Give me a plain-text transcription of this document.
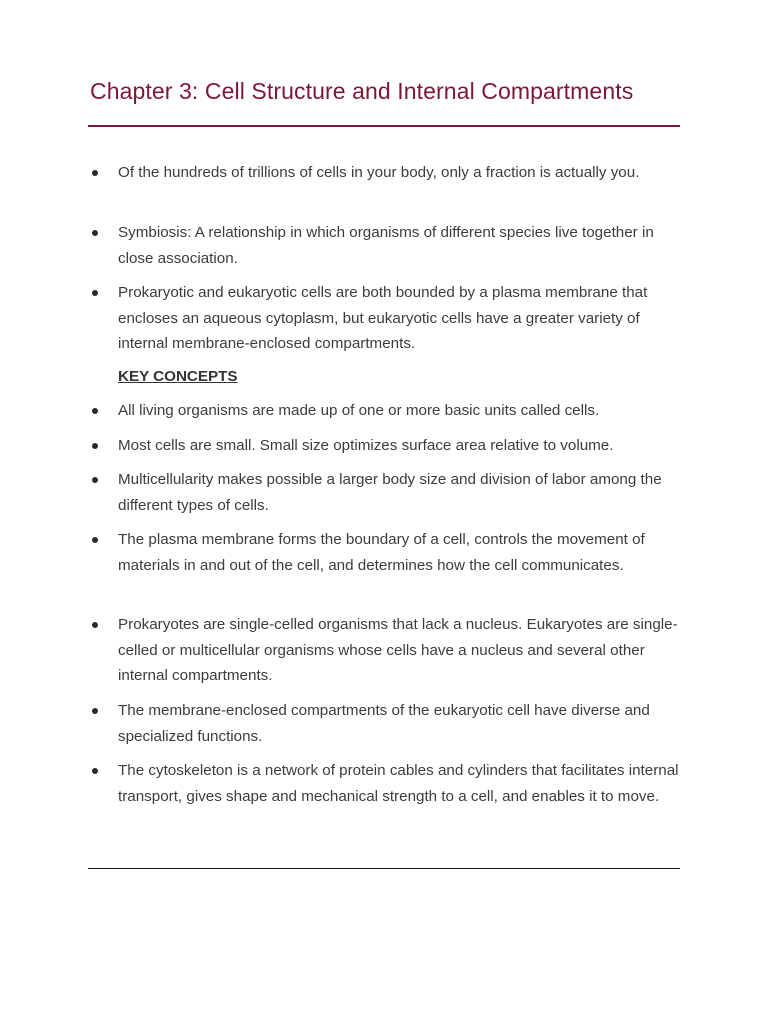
Chapter 3: Cell Structure and Internal Compartments
Of the hundreds of trillions of cells in your body, only a fraction is actually you.
Symbiosis: A relationship in which organisms of different species live together in close association.
Prokaryotic and eukaryotic cells are both bounded by a plasma membrane that encloses an aqueous cytoplasm, but eukaryotic cells have a greater variety of internal membrane-enclosed compartments.
KEY CONCEPTS
All living organisms are made up of one or more basic units called cells.
Most cells are small. Small size optimizes surface area relative to volume.
Multicellularity makes possible a larger body size and division of labor among the different types of cells.
The plasma membrane forms the boundary of a cell, controls the movement of materials in and out of the cell, and determines how the cell communicates.
Prokaryotes are single-celled organisms that lack a nucleus. Eukaryotes are single-celled or multicellular organisms whose cells have a nucleus and several other internal compartments.
The membrane-enclosed compartments of the eukaryotic cell have diverse and specialized functions.
The cytoskeleton is a network of protein cables and cylinders that facilitates internal transport, gives shape and mechanical strength to a cell, and enables it to move.
